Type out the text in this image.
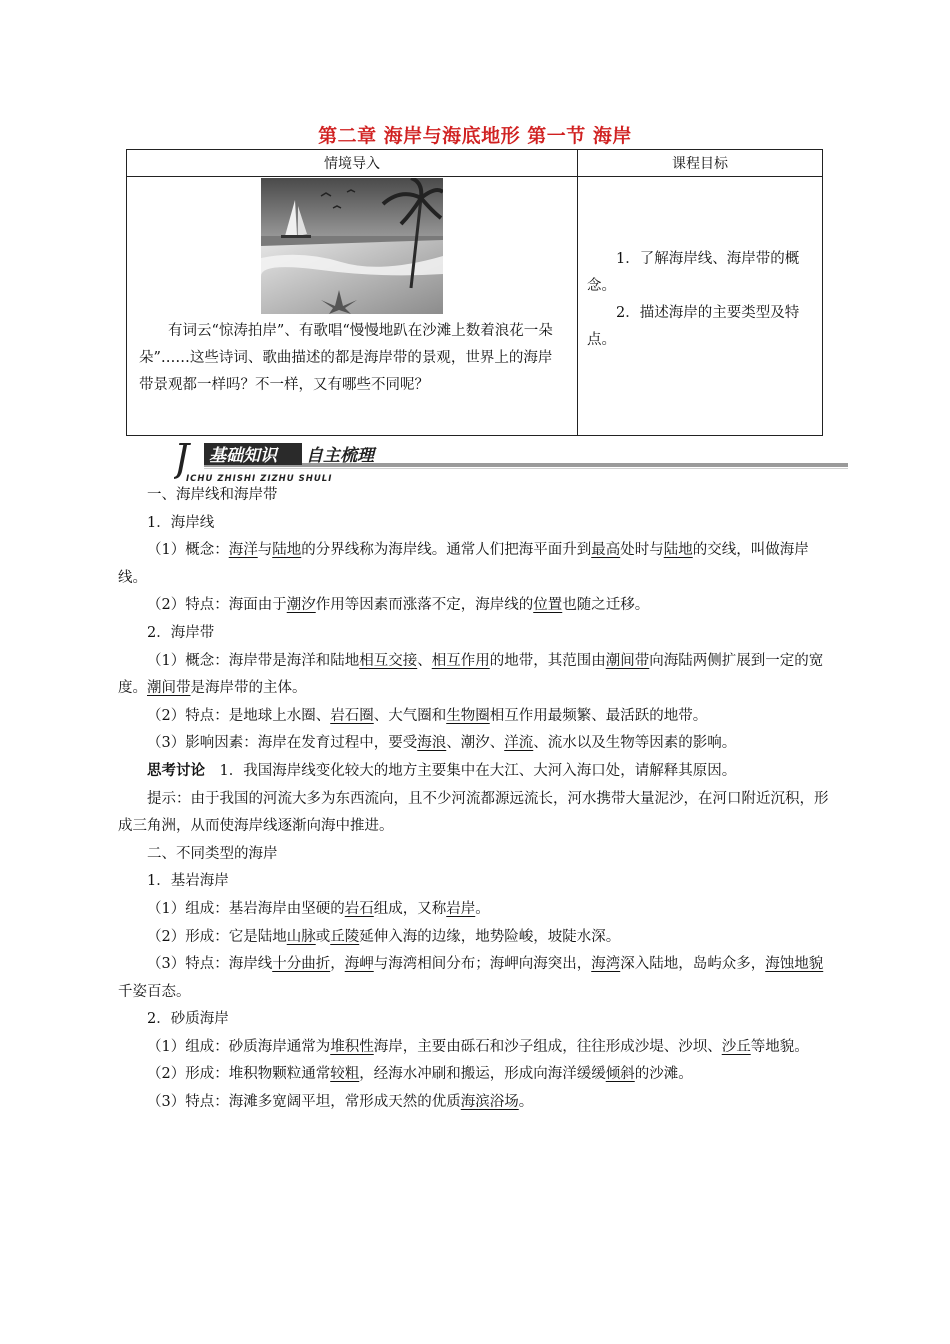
第二章 海岸与海底地形 第一节 海岸
情境导入	课程目标

有词云“惊涛拍岸”、有歌唱“慢慢地趴在沙滩上数着浪花一朵朵”……这些诗词、歌曲描述的都是海岸带的景观，世界上的海岸带景观都一样吗？不一样，又有哪些不同呢？

1．了解海岸线、海岸带的概念。

2．描述海岸的主要类型及特点。

J 基础知识 自主梳理
ICHU ZHISHI ZIZHU SHULI

一、海岸线和海岸带

1．海岸线

（1）概念：海洋与陆地的分界线称为海岸线。通常人们把海平面升到最高处时与陆地的交线，叫做海岸线。

（2）特点：海面由于潮汐作用等因素而涨落不定，海岸线的位置也随之迁移。

2．海岸带

（1）概念：海岸带是海洋和陆地相互交接、相互作用的地带，其范围由潮间带向海陆两侧扩展到一定的宽度。潮间带是海岸带的主体。

（2）特点：是地球上水圈、岩石圈、大气圈和生物圈相互作用最频繁、最活跃的地带。

（3）影响因素：海岸在发育过程中，要受海浪、潮汐、洋流、流水以及生物等因素的影响。

思考讨论　1．我国海岸线变化较大的地方主要集中在大江、大河入海口处，请解释其原因。

提示：由于我国的河流大多为东西流向，且不少河流都源远流长，河水携带大量泥沙，在河口附近沉积，形成三角洲，从而使海岸线逐渐向海中推进。

二、不同类型的海岸

1．基岩海岸

（1）组成：基岩海岸由坚硬的岩石组成，又称岩岸。

（2）形成：它是陆地山脉或丘陵延伸入海的边缘，地势险峻，坡陡水深。

（3）特点：海岸线十分曲折，海岬与海湾相间分布；海岬向海突出，海湾深入陆地，岛屿众多，海蚀地貌千姿百态。

2．砂质海岸

（1）组成：砂质海岸通常为堆积性海岸，主要由砾石和沙子组成，往往形成沙堤、沙坝、沙丘等地貌。

（2）形成：堆积物颗粒通常较粗，经海水冲刷和搬运，形成向海洋缓缓倾斜的沙滩。

（3）特点：海滩多宽阔平坦，常形成天然的优质海滨浴场。
